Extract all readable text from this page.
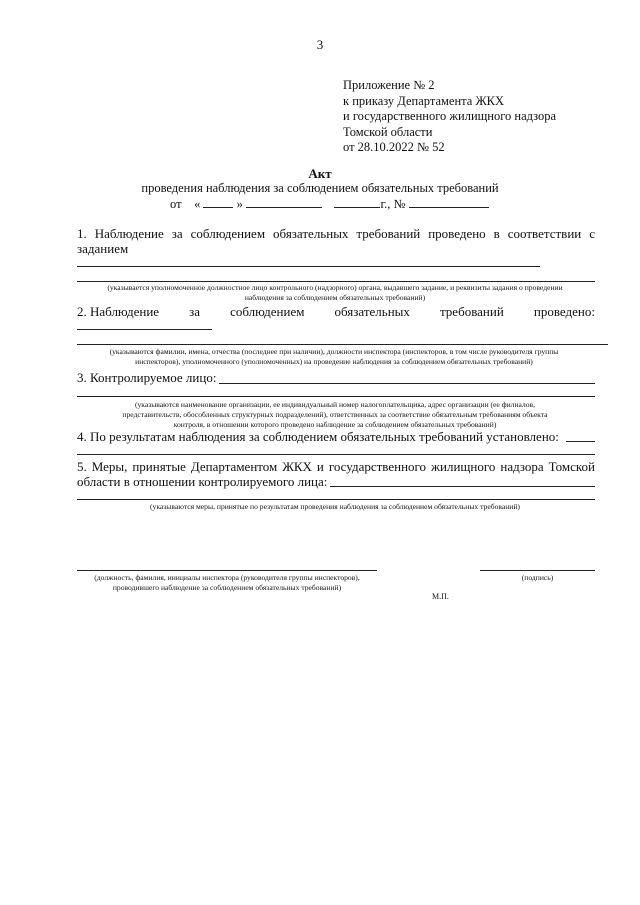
3
Приложение № 2
к приказу Департамента ЖКХ
и государственного жилищного надзора
Томской области
от 28.10.2022 № 52
Акт
проведения наблюдения за соблюдением обязательных требований
от «	»	г., №
1. Наблюдение за соблюдением обязательных требований проведено в соответствии с
заданием
(указывается уполномоченное должностное лицо контрольного (надзорного) органа, выдавшего задание, и реквизиты задания о проведении
наблюдения за соблюдением обязательных требований)
2. Наблюдение за соблюдением обязательных требований проведено:
(указываются фамилии, имена, отчества (последнее при наличии), должности инспектора (инспекторов, в том числе руководителя группы
инспекторов), уполномоченного (уполномоченных) на проведение наблюдения за соблюдением обязательных требований)
3. Контролируемое лицо:
(указываются наименование организации, ее индивидуальный номер налогоплательщика, адрес организации (ее филиалов,
представительств, обособленных структурных подразделений), ответственных за соответствие обязательным требованиям объекта
контроля, в отношении которого проведено наблюдение за соблюдением обязательных требований)
4. По результатам наблюдения за соблюдением обязательных требований установлено:
5. Меры, принятые Департаментом ЖКХ и государственного жилищного надзора Томской
области в отношении контролируемого лица:
(указываются меры, принятые по результатам проведения наблюдения за соблюдением обязательных требований)
(должность, фамилия, инициалы инспектора (руководителя группы инспекторов),
проводившего наблюдение за соблюдением обязательных требований)
(подпись)
М.П.
